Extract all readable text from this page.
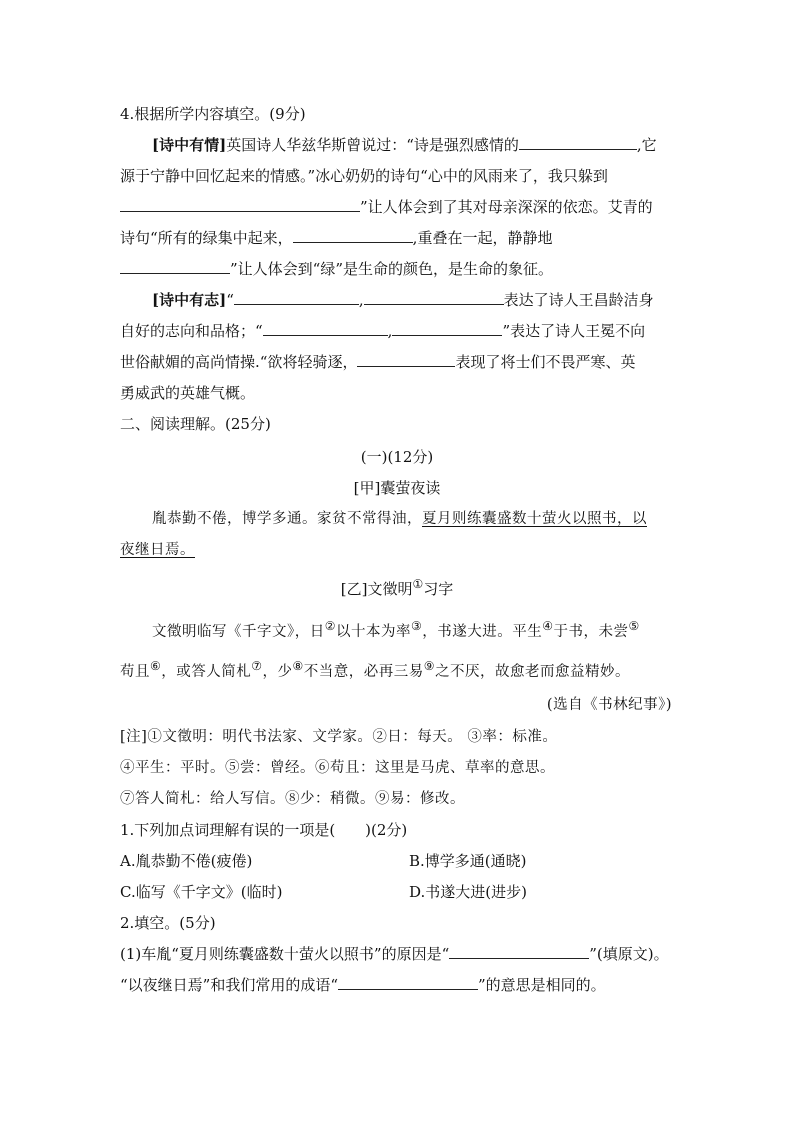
4.根据所学内容填空。(9分)
[诗中有情]英国诗人华兹华斯曾说过：“诗是强烈感情的	,它
源于宁静中回忆起来的情感。”冰心奶奶的诗句“心中的风雨来了，我只躲到
”让人体会到了其对母亲深深的依恋。艾青的
诗句“所有的绿集中起来，	,重叠在一起，静静地
”让人体会到“绿”是生命的颜色，是生命的象征。
[诗中有志]“	,	表达了诗人王昌龄洁身
自好的志向和品格；“	,	”表达了诗人王冕不向
世俗献媚的高尚情操.“欲将轻骑逐，	表现了将士们不畏严寒、英
勇威武的英雄气概。
二、阅读理解。(25分)
(一)(12分)
[甲]囊萤夜读
胤恭勤不倦，博学多通。家贫不常得油，夏月则练囊盛数十萤火以照书，以
夜继日焉。
[乙]文徵明①习字
文徵明临写《千字文》，日②以十本为率③，书遂大进。平生④于书，未尝⑤
苟且⑥，或答人简札⑦，少⑧不当意，必再三易⑨之不厌，故愈老而愈益精妙。
(选自《书林纪事》)
[注]①文徵明：明代书法家、文学家。②日：每天。 ③率：标准。
④平生：平时。⑤尝：曾经。⑥苟且：这里是马虎、草率的意思。
⑦答人简札：给人写信。⑧少：稍微。⑨易：修改。
1.下列加点词理解有误的一项是(　　)(2分)
A.胤恭勤不倦(疲倦)	B.博学多通(通晓)
C.临写《千字文》(临时)	D.书遂大进(进步)
2.填空。(5分)
(1)车胤“夏月则练囊盛数十萤火以照书”的原因是“	”(填原文)。
“以夜继日焉”和我们常用的成语“	”的意思是相同的。
